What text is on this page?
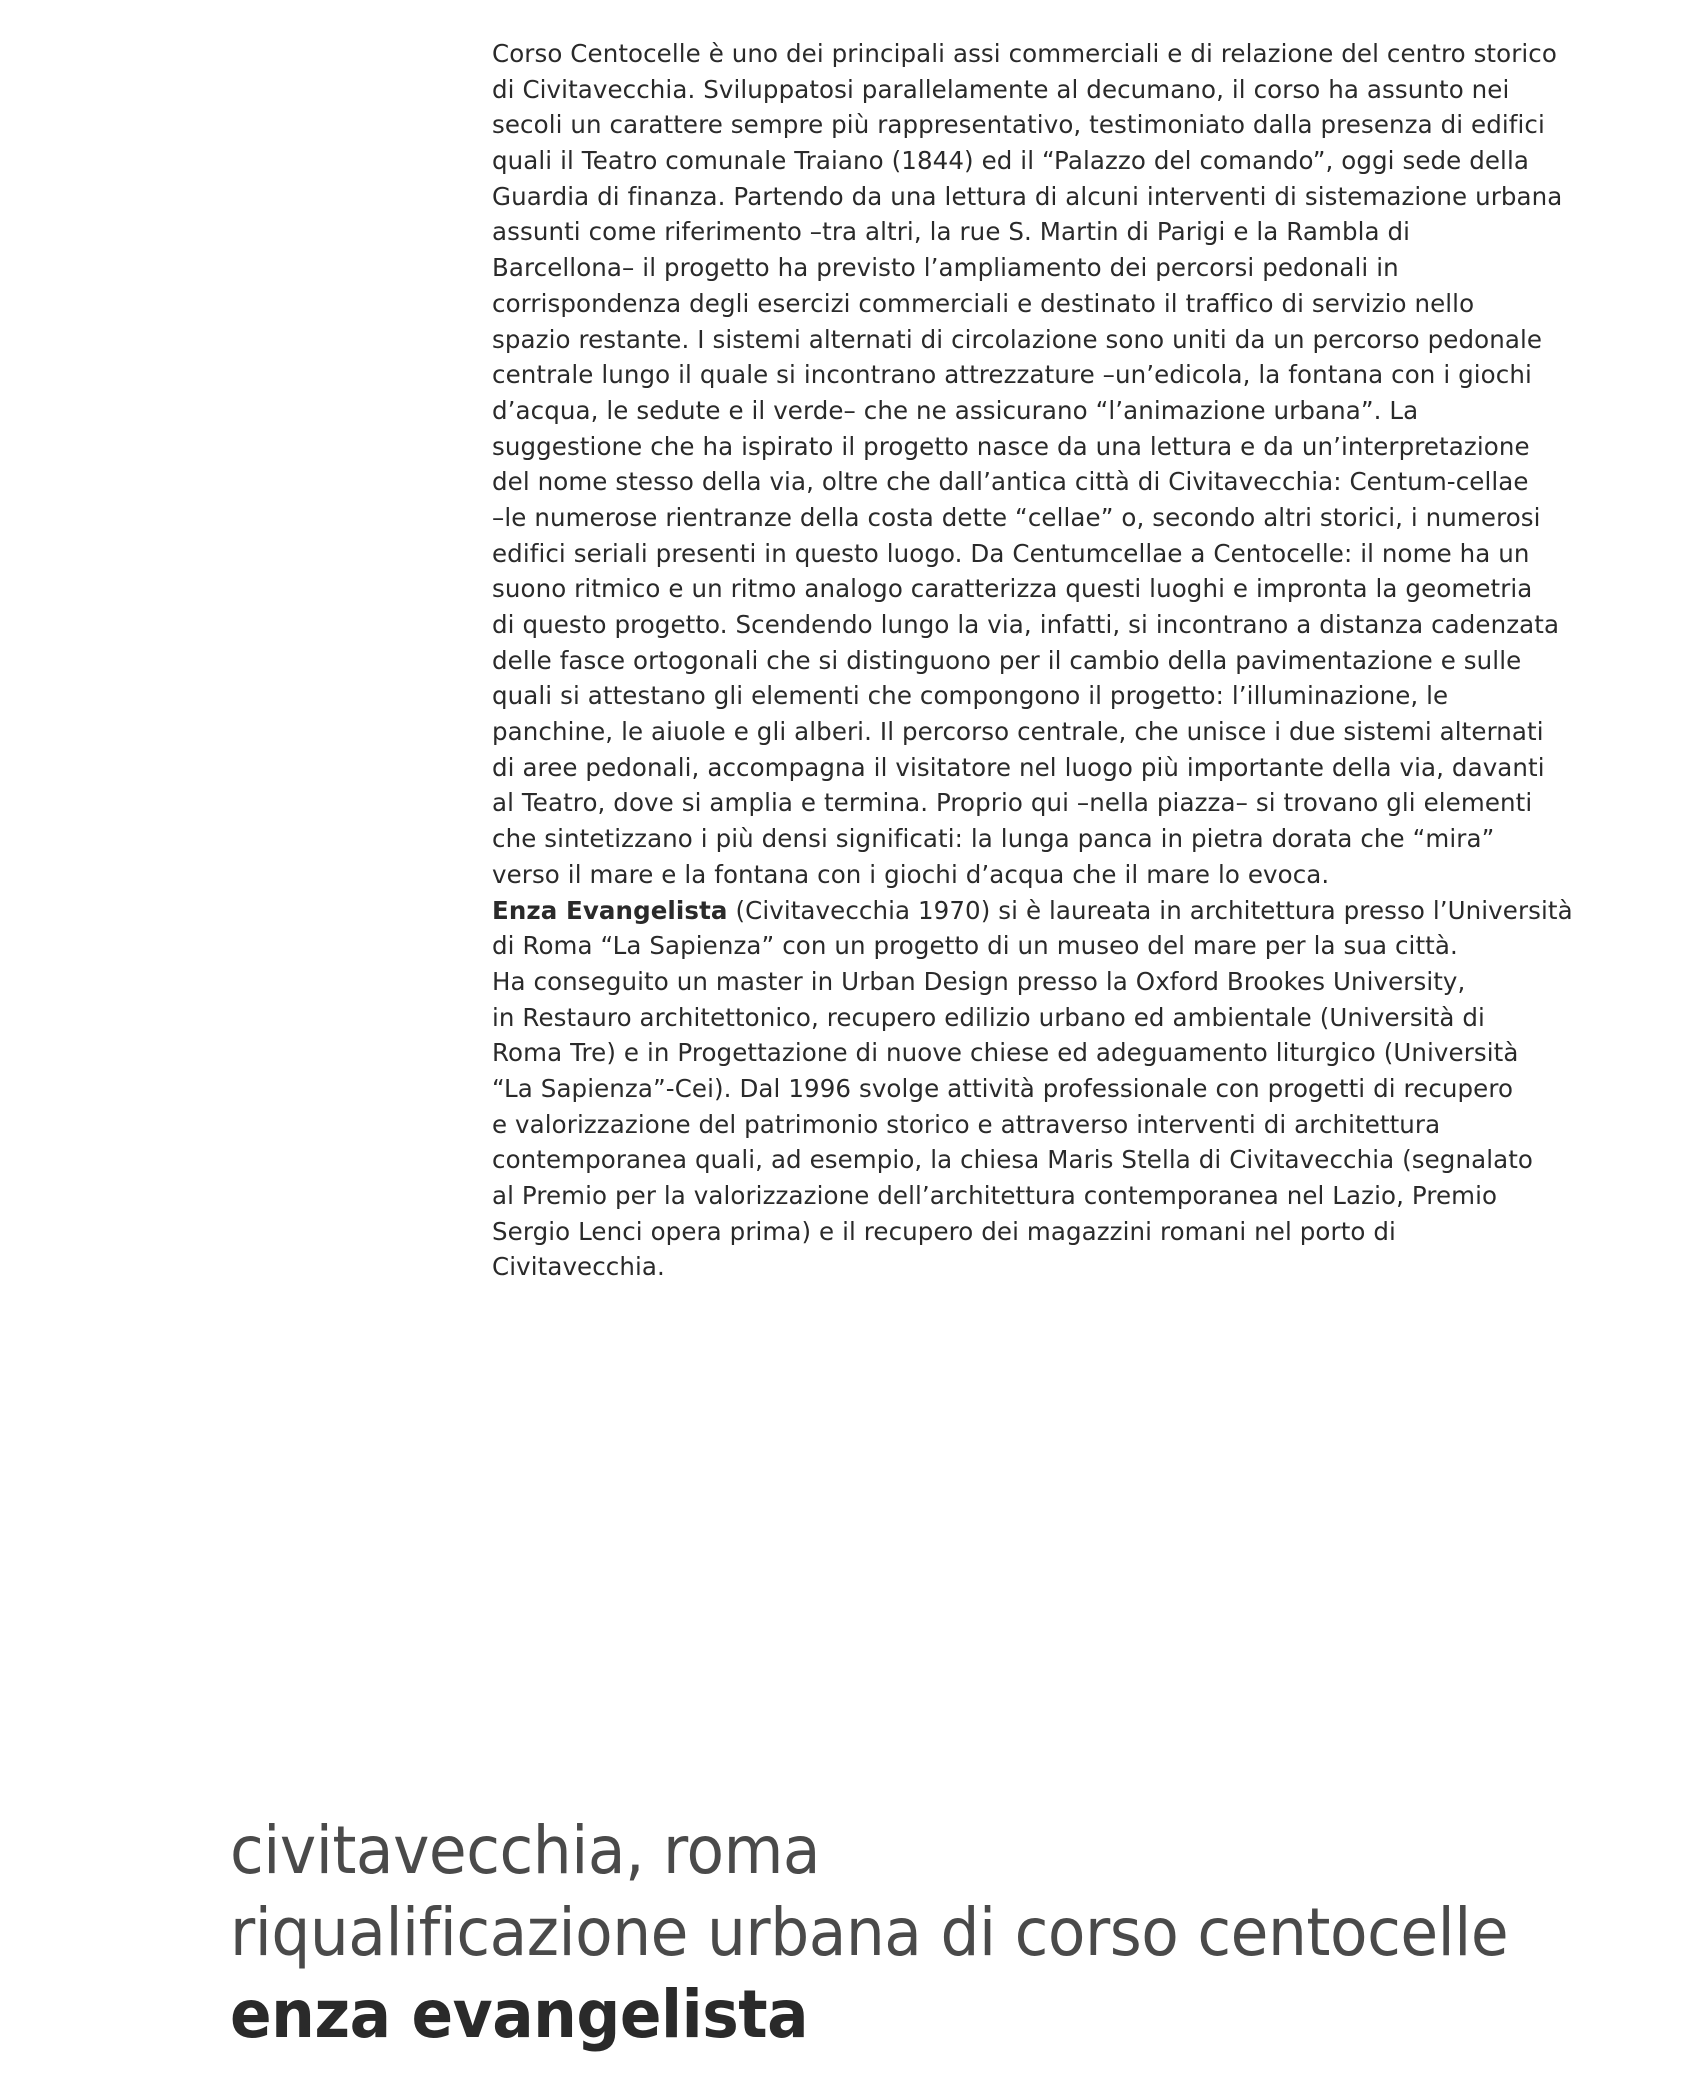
Corso Centocelle è uno dei principali assi commerciali e di relazione del centro storico
di Civitavecchia. Sviluppatosi parallelamente al decumano, il corso ha assunto nei
secoli un carattere sempre più rappresentativo, testimoniato dalla presenza di edifici
quali il Teatro comunale Traiano (1844) ed il “Palazzo del comando”, oggi sede della
Guardia di finanza. Partendo da una lettura di alcuni interventi di sistemazione urbana
assunti come riferimento –tra altri, la rue S. Martin di Parigi e la Rambla di
Barcellona– il progetto ha previsto l’ampliamento dei percorsi pedonali in
corrispondenza degli esercizi commerciali e destinato il traffico di servizio nello
spazio restante. I sistemi alternati di circolazione sono uniti da un percorso pedonale
centrale lungo il quale si incontrano attrezzature –un’edicola, la fontana con i giochi
d’acqua, le sedute e il verde– che ne assicurano “l’animazione urbana”. La
suggestione che ha ispirato il progetto nasce da una lettura e da un’interpretazione
del nome stesso della via, oltre che dall’antica città di Civitavecchia: Centum-cellae
–le numerose rientranze della costa dette “cellae” o, secondo altri storici, i numerosi
edifici seriali presenti in questo luogo. Da Centumcellae a Centocelle: il nome ha un
suono ritmico e un ritmo analogo caratterizza questi luoghi e impronta la geometria
di questo progetto. Scendendo lungo la via, infatti, si incontrano a distanza cadenzata
delle fasce ortogonali che si distinguono per il cambio della pavimentazione e sulle
quali si attestano gli elementi che compongono il progetto: l’illuminazione, le
panchine, le aiuole e gli alberi. Il percorso centrale, che unisce i due sistemi alternati
di aree pedonali, accompagna il visitatore nel luogo più importante della via, davanti
al Teatro, dove si amplia e termina. Proprio qui –nella piazza– si trovano gli elementi
che sintetizzano i più densi significati: la lunga panca in pietra dorata che “mira”
verso il mare e la fontana con i giochi d’acqua che il mare lo evoca.
Enza Evangelista (Civitavecchia 1970) si è laureata in architettura presso l’Università
di Roma “La Sapienza” con un progetto di un museo del mare per la sua città.
Ha conseguito un master in Urban Design presso la Oxford Brookes University,
in Restauro architettonico, recupero edilizio urbano ed ambientale (Università di
Roma Tre) e in Progettazione di nuove chiese ed adeguamento liturgico (Università
“La Sapienza”-Cei). Dal 1996 svolge attività professionale con progetti di recupero
e valorizzazione del patrimonio storico e attraverso interventi di architettura
contemporanea quali, ad esempio, la chiesa Maris Stella di Civitavecchia (segnalato
al Premio per la valorizzazione dell’architettura contemporanea nel Lazio, Premio
Sergio Lenci opera prima) e il recupero dei magazzini romani nel porto di
Civitavecchia.
civitavecchia, roma
riqualificazione urbana di corso centocelle
enza evangelista
